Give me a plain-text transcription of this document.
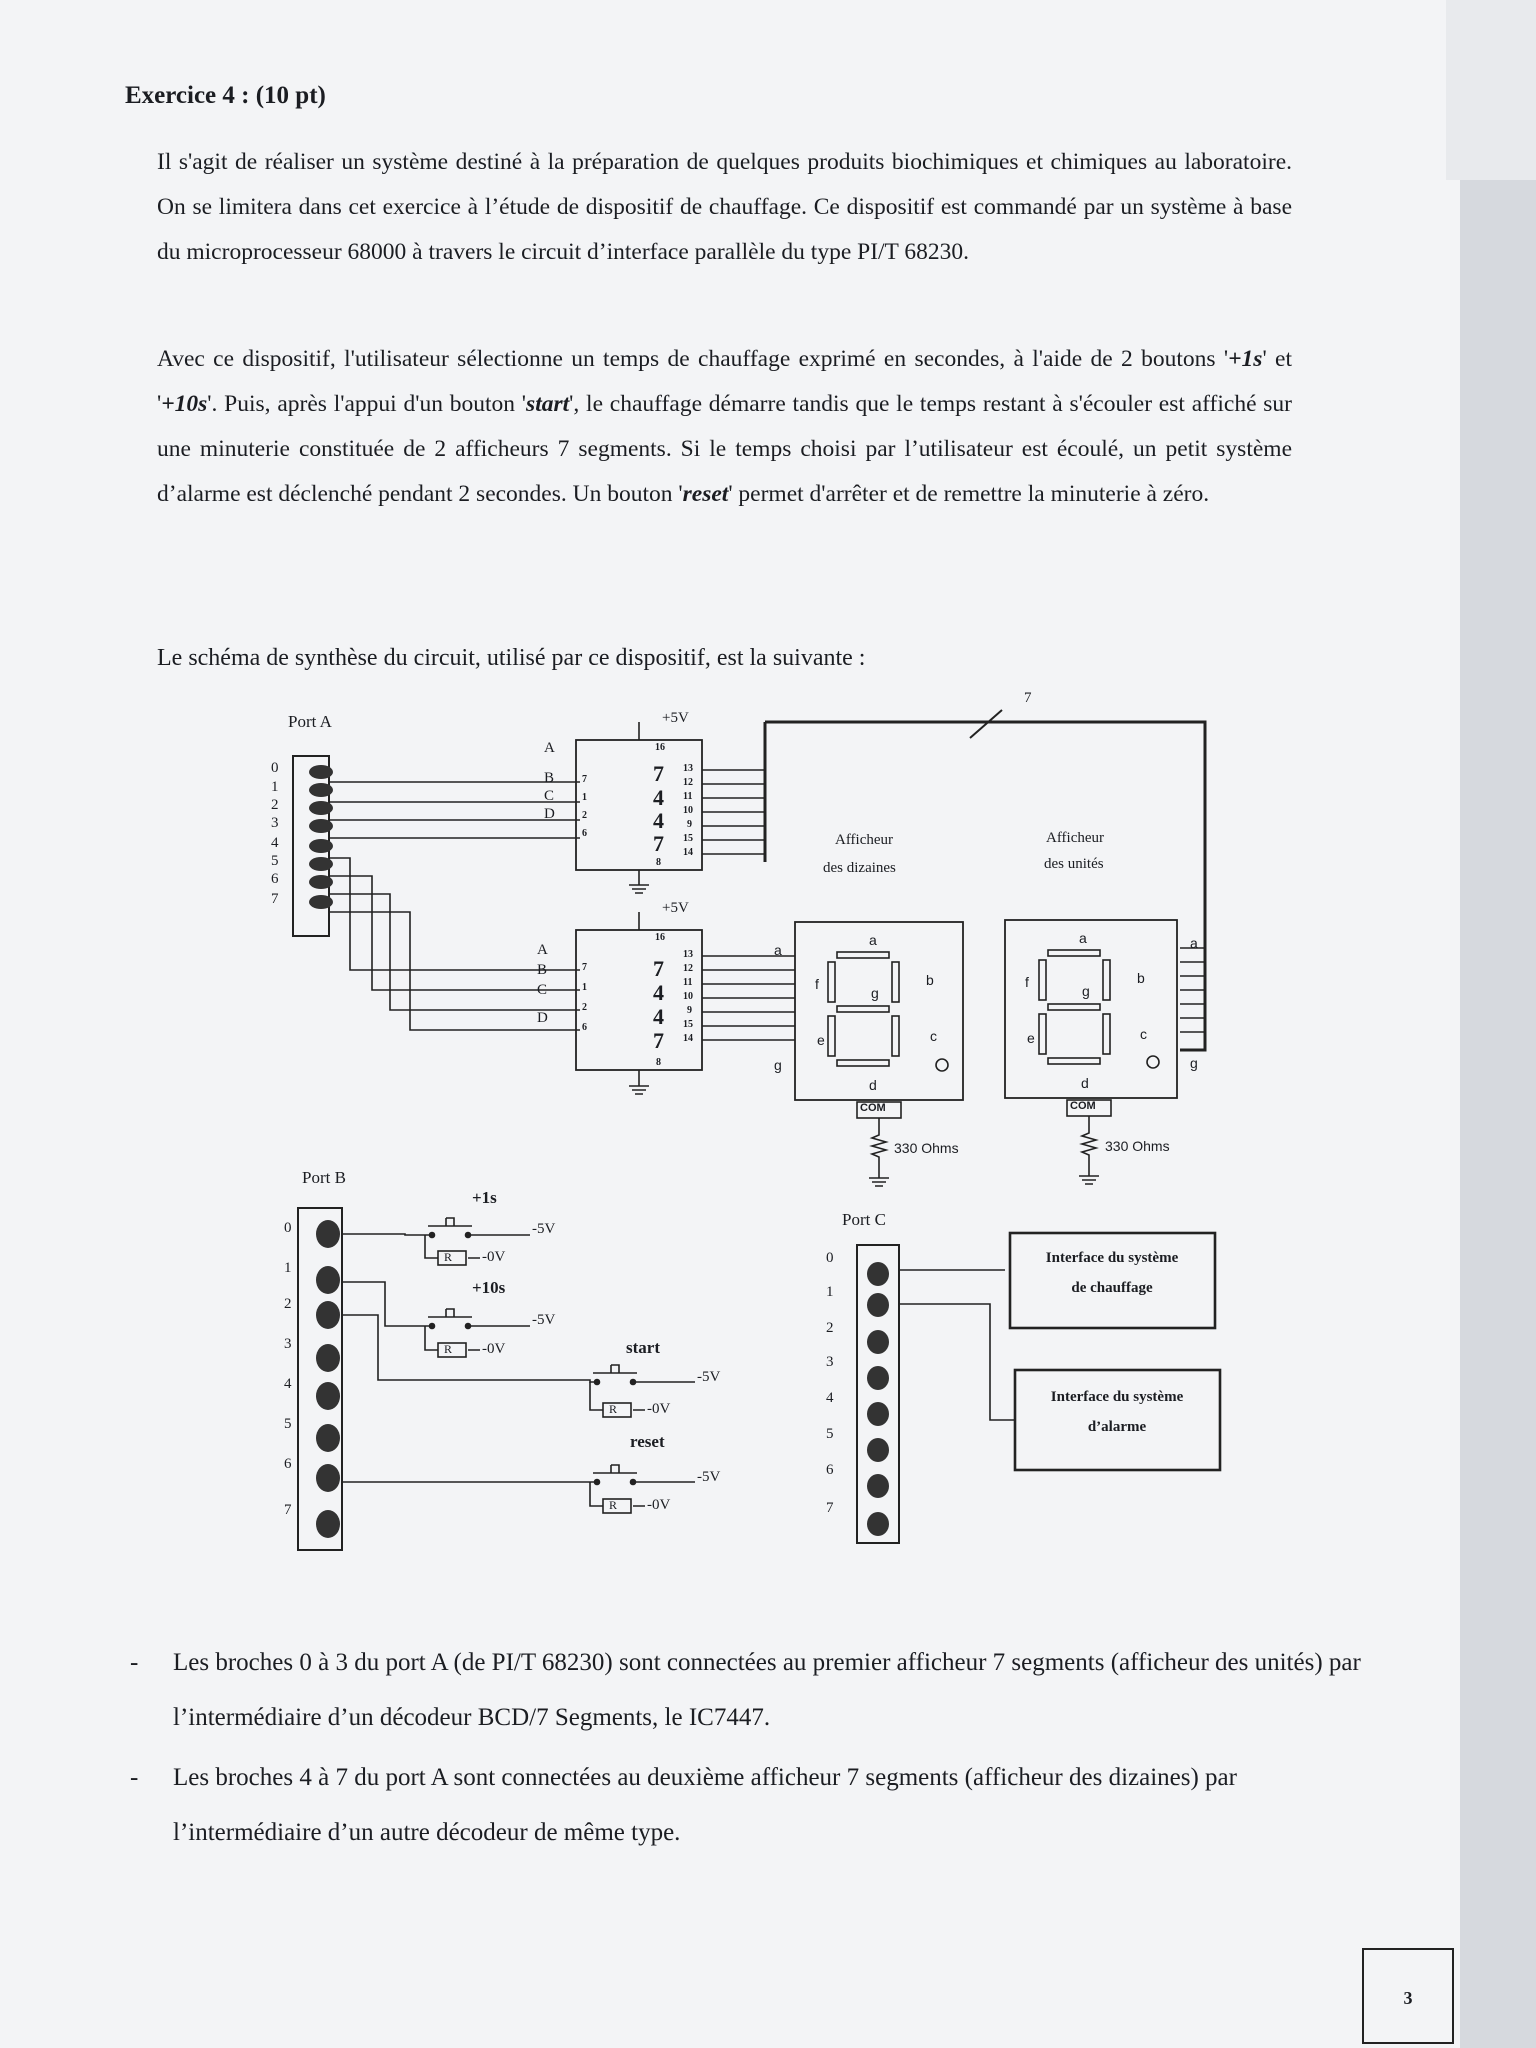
Exercice 4 : (10 pt)

Il s'agit de réaliser un système destiné à la préparation de quelques produits biochimiques et chimiques au laboratoire. On se limitera dans cet exercice à l’étude de dispositif de chauffage. Ce dispositif est commandé par un système à base du microprocesseur 68000 à travers le circuit d’interface parallèle du type PI/T 68230.

Avec ce dispositif, l'utilisateur sélectionne un temps de chauffage exprimé en secondes, à l'aide de 2 boutons '+1s' et '+10s'. Puis, après l'appui d'un bouton 'start', le chauffage démarre tandis que le temps restant à s'écouler est affiché sur une minuterie constituée de 2 afficheurs 7 segments. Si le temps choisi par l’utilisateur est écoulé, un petit système d’alarme est déclenché pendant 2 secondes. Un bouton 'reset' permet d'arrêter et de remettre la minuterie à zéro.

Le schéma de synthèse du circuit, utilisé par ce dispositif, est la suivante :
Port A
0
1
2
3
4
5
6
7
+5V
A
B
C
D
7
1
2
6
16
8
7
4
4
7
13
12
11
10
9
15
14
+5V
A
B
C
D
7
1
2
6
16
8
7
4
4
7
13
12
11
10
9
15
14
7
Afficheur
des dizaines
Afficheur
des unités
a
g
a
b
c
d
e
f
g
COM
330 Ohms
a
b
c
d
e
f
g
a
g
COM
330 Ohms
Port B
0
1
2
3
4
5
6
7
+1s
-5V
R -0V
+10s
-5V
R -0V	start
-5V
R -0V
reset
-5V
R -0V
Port C
0
1
2
3
4
5
6
7
Interface du système
de chauffage
Interface du système
d’alarme
- Les broches 0 à 3 du port A (de PI/T 68230) sont connectées au premier afficheur 7 segments (afficheur des unités) par l’intermédiaire d’un décodeur BCD/7 Segments, le IC7447.
- Les broches 4 à 7 du port A sont connectées au deuxième afficheur 7 segments (afficheur des dizaines) par l’intermédiaire d’un autre décodeur de même type.
3
